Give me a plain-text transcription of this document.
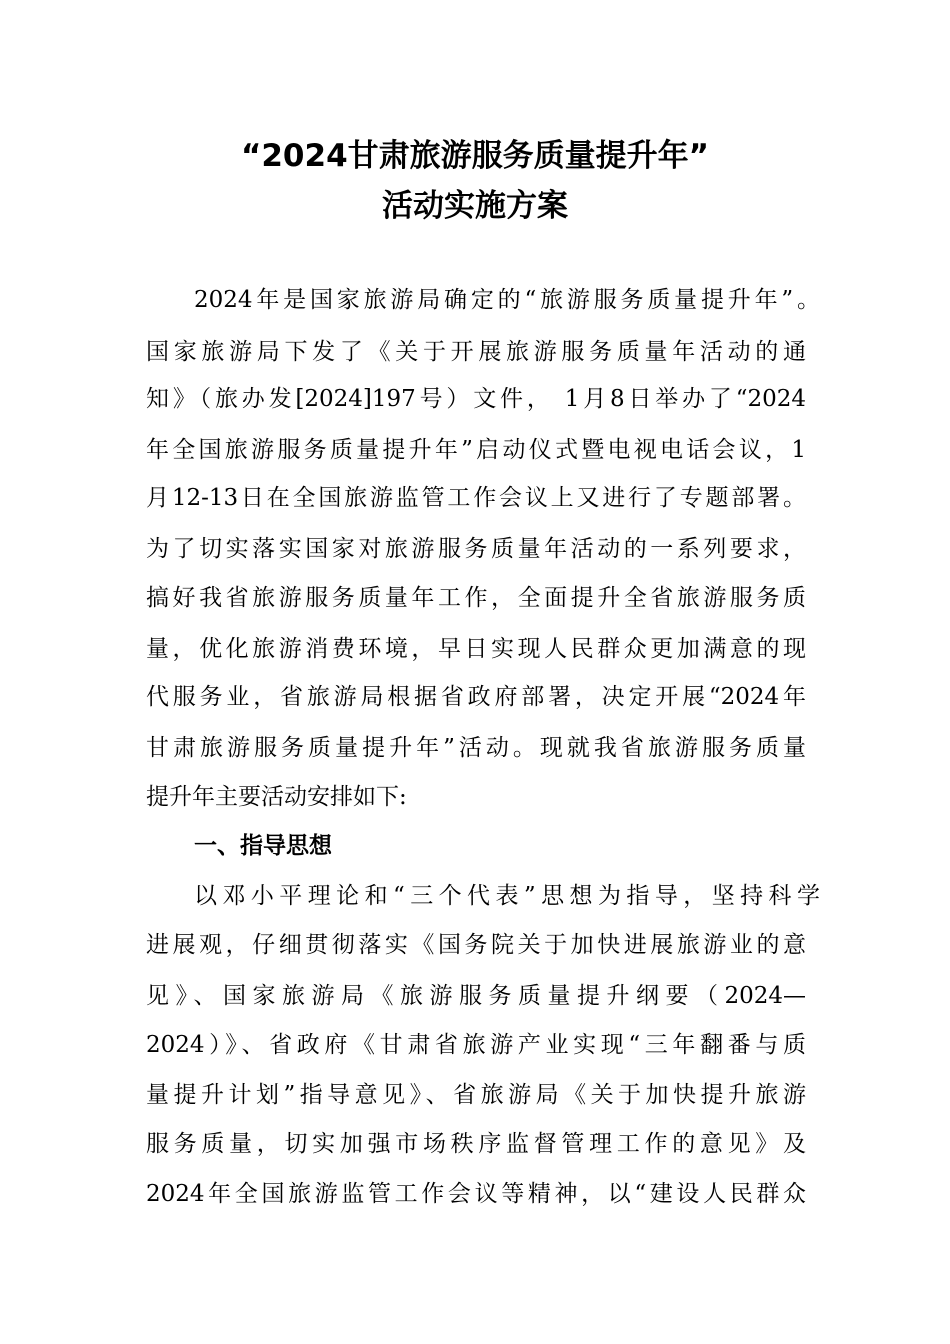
“2024甘肃旅游服务质量提升年”
活动实施方案
2024年是国家旅游局确定的“旅游服务质量提升年”。
国家旅游局下发了《关于开展旅游服务质量年活动的通
知》（旅办发[2024]197号）文件， 1月8日举办了“2024
年全国旅游服务质量提升年”启动仪式暨电视电话会议，1
月12-13日在全国旅游监管工作会议上又进行了专题部署。
为了切实落实国家对旅游服务质量年活动的一系列要求，
搞好我省旅游服务质量年工作，全面提升全省旅游服务质
量，优化旅游消费环境，早日实现人民群众更加满意的现
代服务业，省旅游局根据省政府部署，决定开展“2024年
甘肃旅游服务质量提升年”活动。现就我省旅游服务质量
提升年主要活动安排如下:
一、指导思想
以邓小平理论和“三个代表”思想为指导，坚持科学
进展观，仔细贯彻落实《国务院关于加快进展旅游业的意
见》、国家旅游局《旅游服务质量提升纲要（2024—
2024）》、省政府《甘肃省旅游产业实现“三年翻番与质
量提升计划”指导意见》、省旅游局《关于加快提升旅游
服务质量，切实加强市场秩序监督管理工作的意见》及
2024年全国旅游监管工作会议等精神，以“建设人民群众
